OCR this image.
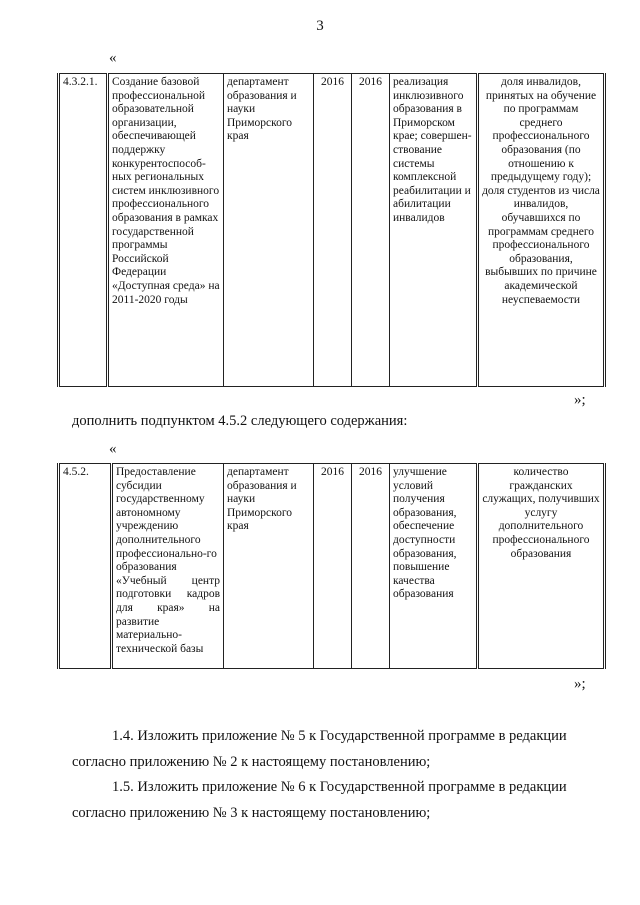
3
«
4.3.2.1.	Создание базовой профессиональной образовательной организации, обеспечивающей поддержку конкурентоспособ-ных региональных систем инклюзивного профессионального образования в рамках государственной программы Российской Федерации «Доступная среда» на 2011-2020 годы	департамент образования и науки Приморского края	2016	2016	реализация инклюзивного образования в Приморском крае; совершен-ствование системы комплексной реабилитации и абилитации инвалидов	доля инвалидов, принятых на обучение по программам среднего профессионального образования (по отношению к предыдущему году); доля студентов из числа инвалидов, обучавшихся по программам среднего профессионального образования, выбывших по причине академической неуспеваемости
»;
дополнить подпунктом 4.5.2 следующего содержания:
«
4.5.2.	Предоставление субсидии государственному автономному учреждению дополнительного профессионально-го образования «Учебный центр подготовки кадров для края» на развитие материально-технической базы	департамент образования и науки Приморского края	2016	2016	улучшение условий получения образования, обеспечение доступности образования, повышение качества образования	количество гражданских служащих, получивших услугу дополнительного профессионального образования
»;
1.4. Изложить приложение № 5 к Государственной программе в редакции
согласно приложению № 2 к настоящему постановлению;
1.5. Изложить приложение № 6 к Государственной программе в редакции
согласно приложению № 3 к настоящему постановлению;
